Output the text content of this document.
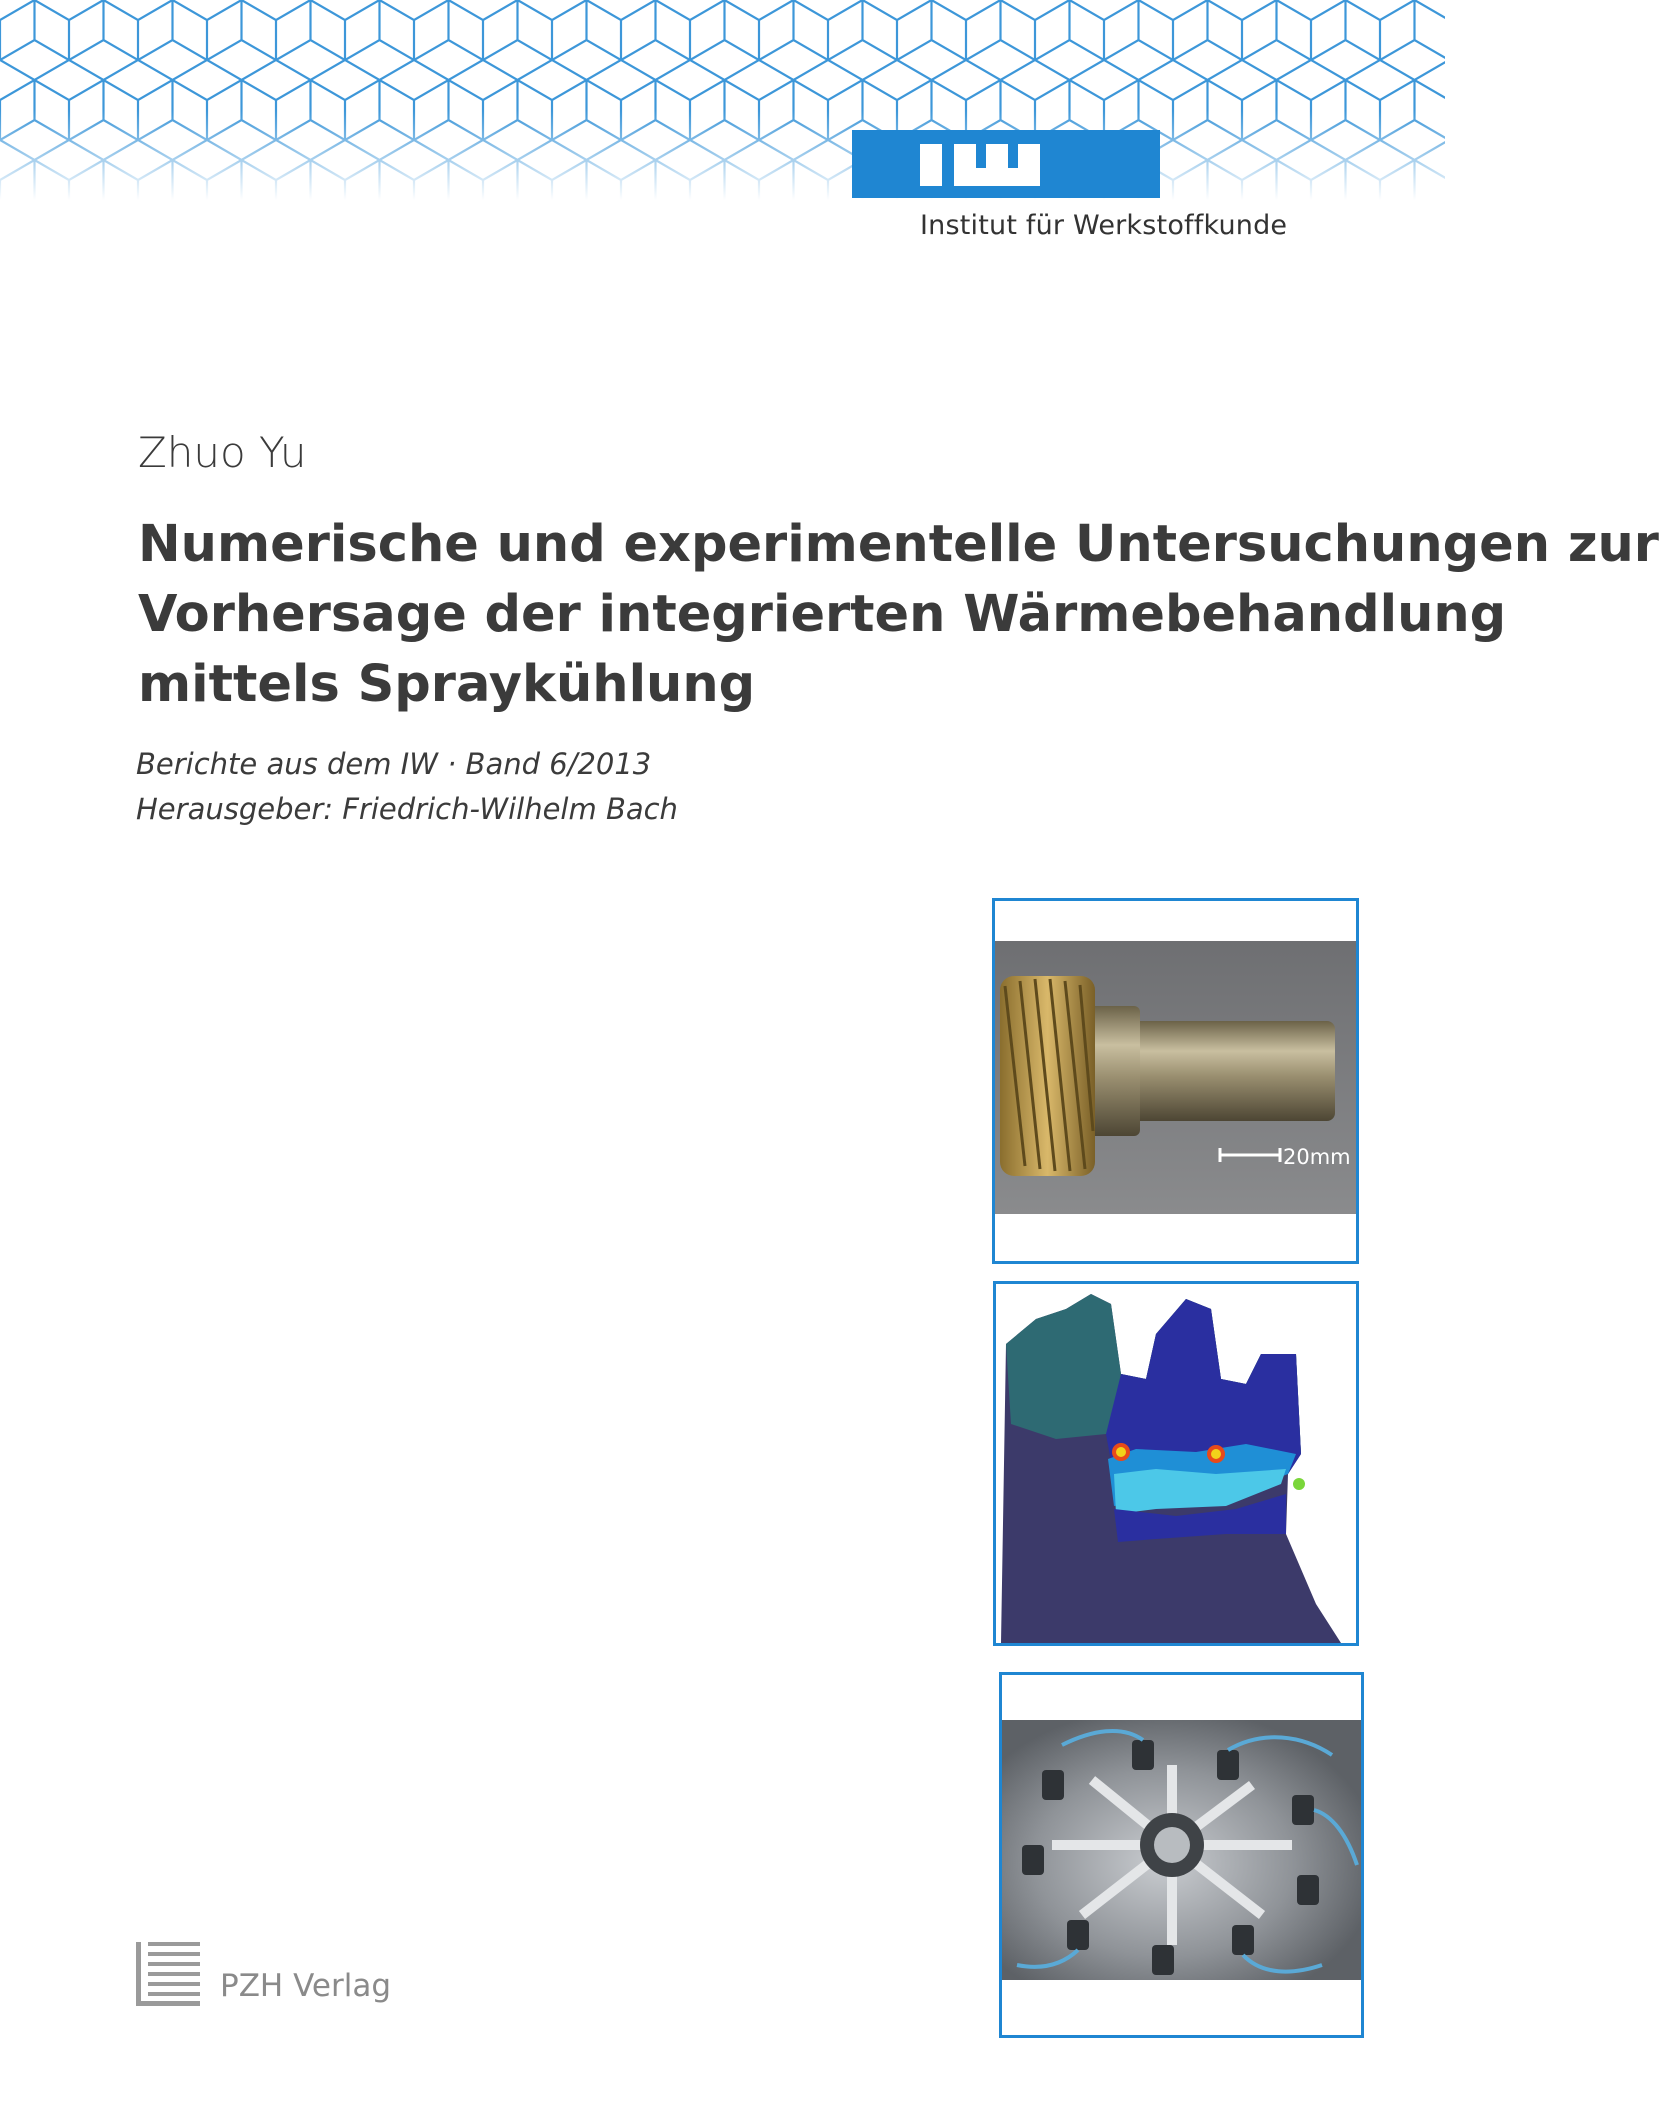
Institut für Werkstoffkunde
Zhuo Yu
Numerische und experimentelle Untersuchungen zur
Vorhersage der integrierten Wärmebehandlung
mittels Spraykühlung
Berichte aus dem IW · Band 6/2013
Herausgeber: Friedrich-Wilhelm Bach
20mm
PZH Verlag
